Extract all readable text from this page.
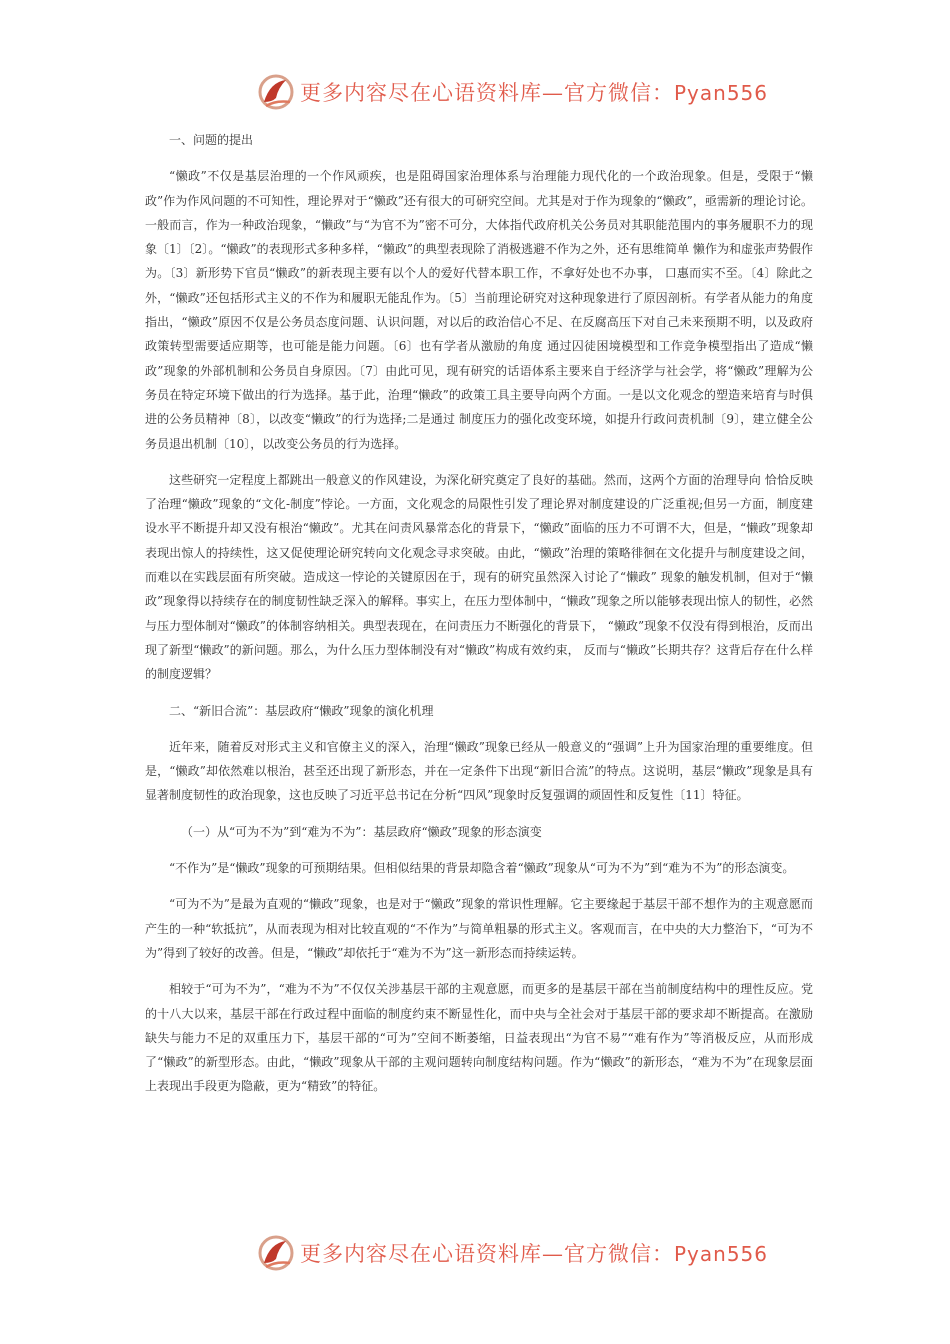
更多内容尽在心语资料库—官方微信：Pyan556

一、问题的提出

“懒政”不仅是基层治理的一个作风顽疾，也是阻碍国家治理体系与治理能力现代化的一个政治现象。但是，受限于“懒政”作为作风问题的不可知性，理论界对于“懒政”还有很大的可研究空间。尤其是对于作为现象的“懒政”，亟需新的理论讨论。一般而言，作为一种政治现象，“懒政”与“为官不为”密不可分，大体指代政府机关公务员对其职能范围内的事务履职不力的现象〔1〕〔2〕。“懒政”的表现形式多种多样，“懒政”的典型表现除了消极逃避不作为之外，还有思维简单 懒作为和虚张声势假作为。〔3〕新形势下官员“懒政”的新表现主要有以个人的爱好代替本职工作，不拿好处也不办事， 口惠而实不至。〔4〕除此之外，“懒政”还包括形式主义的不作为和履职无能乱作为。〔5〕当前理论研究对这种现象进行了原因剖析。有学者从能力的角度指出，“懒政”原因不仅是公务员态度问题、认识问题，对以后的政治信心不足、在反腐高压下对自己未来预期不明，以及政府政策转型需要适应期等，也可能是能力问题。〔6〕也有学者从激励的角度 通过囚徒困境模型和工作竞争模型指出了造成“懒政”现象的外部机制和公务员自身原因。〔7〕由此可见，现有研究的话语体系主要来自于经济学与社会学，将“懒政”理解为公务员在特定环境下做出的行为选择。基于此，治理“懒政”的政策工具主要导向两个方面。一是以文化观念的塑造来培育与时俱进的公务员精神〔8〕，以改变“懒政”的行为选择;二是通过 制度压力的强化改变环境，如提升行政问责机制〔9〕，建立健全公务员退出机制〔10〕，以改变公务员的行为选择。

这些研究一定程度上都跳出一般意义的作风建设，为深化研究奠定了良好的基础。然而，这两个方面的治理导向 恰恰反映了治理“懒政”现象的“文化-制度”悖论。一方面，文化观念的局限性引发了理论界对制度建设的广泛重视;但另一方面，制度建设水平不断提升却又没有根治“懒政”。尤其在问责风暴常态化的背景下，“懒政”面临的压力不可谓不大，但是，“懒政”现象却表现出惊人的持续性，这又促使理论研究转向文化观念寻求突破。由此，“懒政”治理的策略徘徊在文化提升与制度建设之间，而难以在实践层面有所突破。造成这一悖论的关键原因在于，现有的研究虽然深入讨论了“懒政” 现象的触发机制，但对于“懒政”现象得以持续存在的制度韧性缺乏深入的解释。事实上，在压力型体制中，“懒政”现象之所以能够表现出惊人的韧性，必然与压力型体制对“懒政”的体制容纳相关。典型表现在，在问责压力不断强化的背景下， “懒政”现象不仅没有得到根治，反而出现了新型“懒政”的新问题。那么，为什么压力型体制没有对“懒政”构成有效约束， 反而与“懒政”长期共存？这背后存在什么样的制度逻辑？

二、“新旧合流”：基层政府“懒政”现象的演化机理

近年来，随着反对形式主义和官僚主义的深入，治理“懒政”现象已经从一般意义的“强调”上升为国家治理的重要维度。但是，“懒政”却依然难以根治，甚至还出现了新形态，并在一定条件下出现“新旧合流”的特点。这说明，基层“懒政”现象是具有显著制度韧性的政治现象，这也反映了习近平总书记在分析“四风”现象时反复强调的顽固性和反复性〔11〕特征。

（一）从“可为不为”到“难为不为”：基层政府“懒政”现象的形态演变

“不作为”是“懒政”现象的可预期结果。但相似结果的背景却隐含着“懒政”现象从“可为不为”到“难为不为”的形态演变。

“可为不为”是最为直观的“懒政”现象，也是对于“懒政”现象的常识性理解。它主要缘起于基层干部不想作为的主观意愿而产生的一种“软抵抗”，从而表现为相对比较直观的“不作为”与简单粗暴的形式主义。客观而言，在中央的大力整治下，“可为不为”得到了较好的改善。但是，“懒政”却依托于“难为不为”这一新形态而持续运转。

相较于“可为不为”，“难为不为”不仅仅关涉基层干部的主观意愿，而更多的是基层干部在当前制度结构中的理性反应。党的十八大以来，基层干部在行政过程中面临的制度约束不断显性化，而中央与全社会对于基层干部的要求却不断提高。在激励缺失与能力不足的双重压力下，基层干部的“可为”空间不断萎缩，日益表现出“为官不易”“难有作为”等消极反应，从而形成了“懒政”的新型形态。由此，“懒政”现象从干部的主观问题转向制度结构问题。作为“懒政”的新形态，“难为不为”在现象层面上表现出手段更为隐蔽，更为“精致”的特征。

更多内容尽在心语资料库—官方微信：Pyan556
